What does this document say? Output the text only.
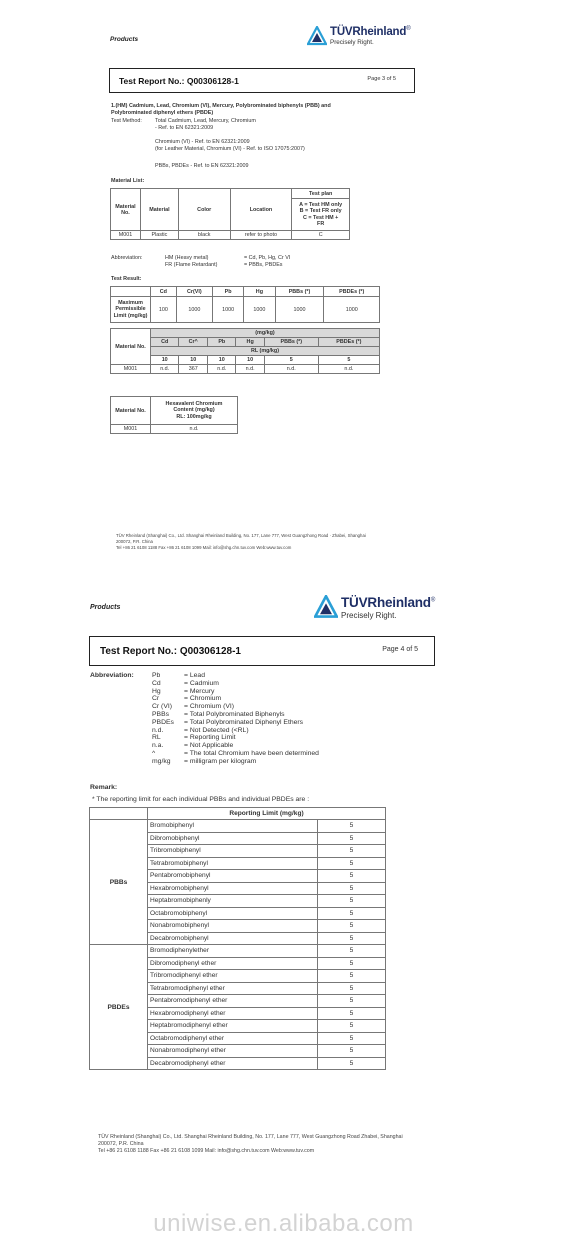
Products
TÜVRheinland®
Precisely Right.
Test Report No.: Q00306128-1	Page 3 of 5
1.(HM) Cadmium, Lead, Chromium (VI), Mercury, Polybrominated biphenyls (PBB) and
Polybrominated diphenyl ethers (PBDE)
Test Method: Total Cadmium, Lead, Mercury, Chromium
- Ref. to EN 62321:2009
Chromium (VI) - Ref. to EN 62321:2009
(for Leather Material, Chromium (VI) - Ref. to ISO 17075:2007)
PBBs, PBDEs - Ref. to EN 62321:2009
Material List:
Material No.	Material	Color	Location	Test plan

				A = Test HM only
B = Test FR only
C = Test HM +
FR

M001	Plastic	black	refer to photo	C
Abbreviation:	HM (Heavy metal)	= Cd, Pb, Hg, Cr VI
FR (Flame Retardant)	= PBBs, PBDEs
Test Result:
	Cd	Cr(VI)	Pb	Hg	PBBs (*)	PBDEs (*)
Maximum Permissible Limit (mg/kg)	100	1000	1000	1000	1000	1000
Material No.	(mg/kg)					
	Cd	Cr^	Pb	Hg	PBBs (*)	PBDEs (*)
	RL (mg/kg)					
	10	10	10	10	5	5
M001	n.d.	367	n.d.	n.d.	n.d.	n.d.
Material No.	Hexavalent Chromium
Content (mg/kg)
RL: 100mg/kg

M001	n.d.
TÜV Rheinland (Shanghai) Co., Ltd. Shanghai Rheinland Building, No. 177, Lane 777, West Guangzhong Road · Zhabei, Shanghai
200072, P.R. China
Tel +86 21 6108 1188 Fax +86 21 6108 1099 Mail: info@shg.chn.tuv.com Web:www.tuv.com
Products	TÜVRheinland®
Precisely Right.
Test Report No.: Q00306128-1	Page 4 of 5
Abbreviation:	Pb	= Lead
Cd	= Cadmium
Hg	= Mercury
Cr	= Chromium
Cr (VI) = Chromium (VI)
PBBs = Total Polybrominated Biphenyls
PBDEs = Total Polybrominated Diphenyl Ethers
n.d.	= Not Detected (<RL)
RL	= Reporting Limit
n.a.	= Not Applicable
^	= The total Chromium have been determined
mg/kg = milligram per kilogram
Remark:
* The reporting limit for each individual PBBs and individual PBDEs are :
	Reporting Limit (mg/kg)	
PBBs	Bromobiphenyl	5
	Dibromobiphenyl	5
	Tribromobiphenyl	5
	Tetrabromobiphenyl	5
	Pentabromobiphenyl	5
	Hexabromobiphenyl	5
	Heptabromobiphenly	5
	Octabromobiphenyl	5
	Nonabromobiphenyl	5
	Decabromobiphenyl	5
PBDEs	Bromodiphenylether	5
	Dibromodiphenyl ether	5
	Tribromodiphenyl ether	5
	Tetrabromodiphenyl ether	5
	Pentabromodiphenyl ether	5
	Hexabromodiphenyl ether	5
	Heptabromodiphenyl ether	5
	Octabromodiphenyl ether	5
	Nonabromodiphenyl ether	5
	Decabromodiphenyl ether	5
TÜV Rheinland (Shanghai) Co., Ltd. Shanghai Rheinland Building, No. 177, Lane 777, West Guangzhong Road Zhabei, Shanghai
200072, P.R. China
Tel +86 21 6108 1188 Fax +86 21 6108 1099 Mail: info@shg.chn.tuv.com Web:www.tuv.com
uniwise.en.alibaba.com
